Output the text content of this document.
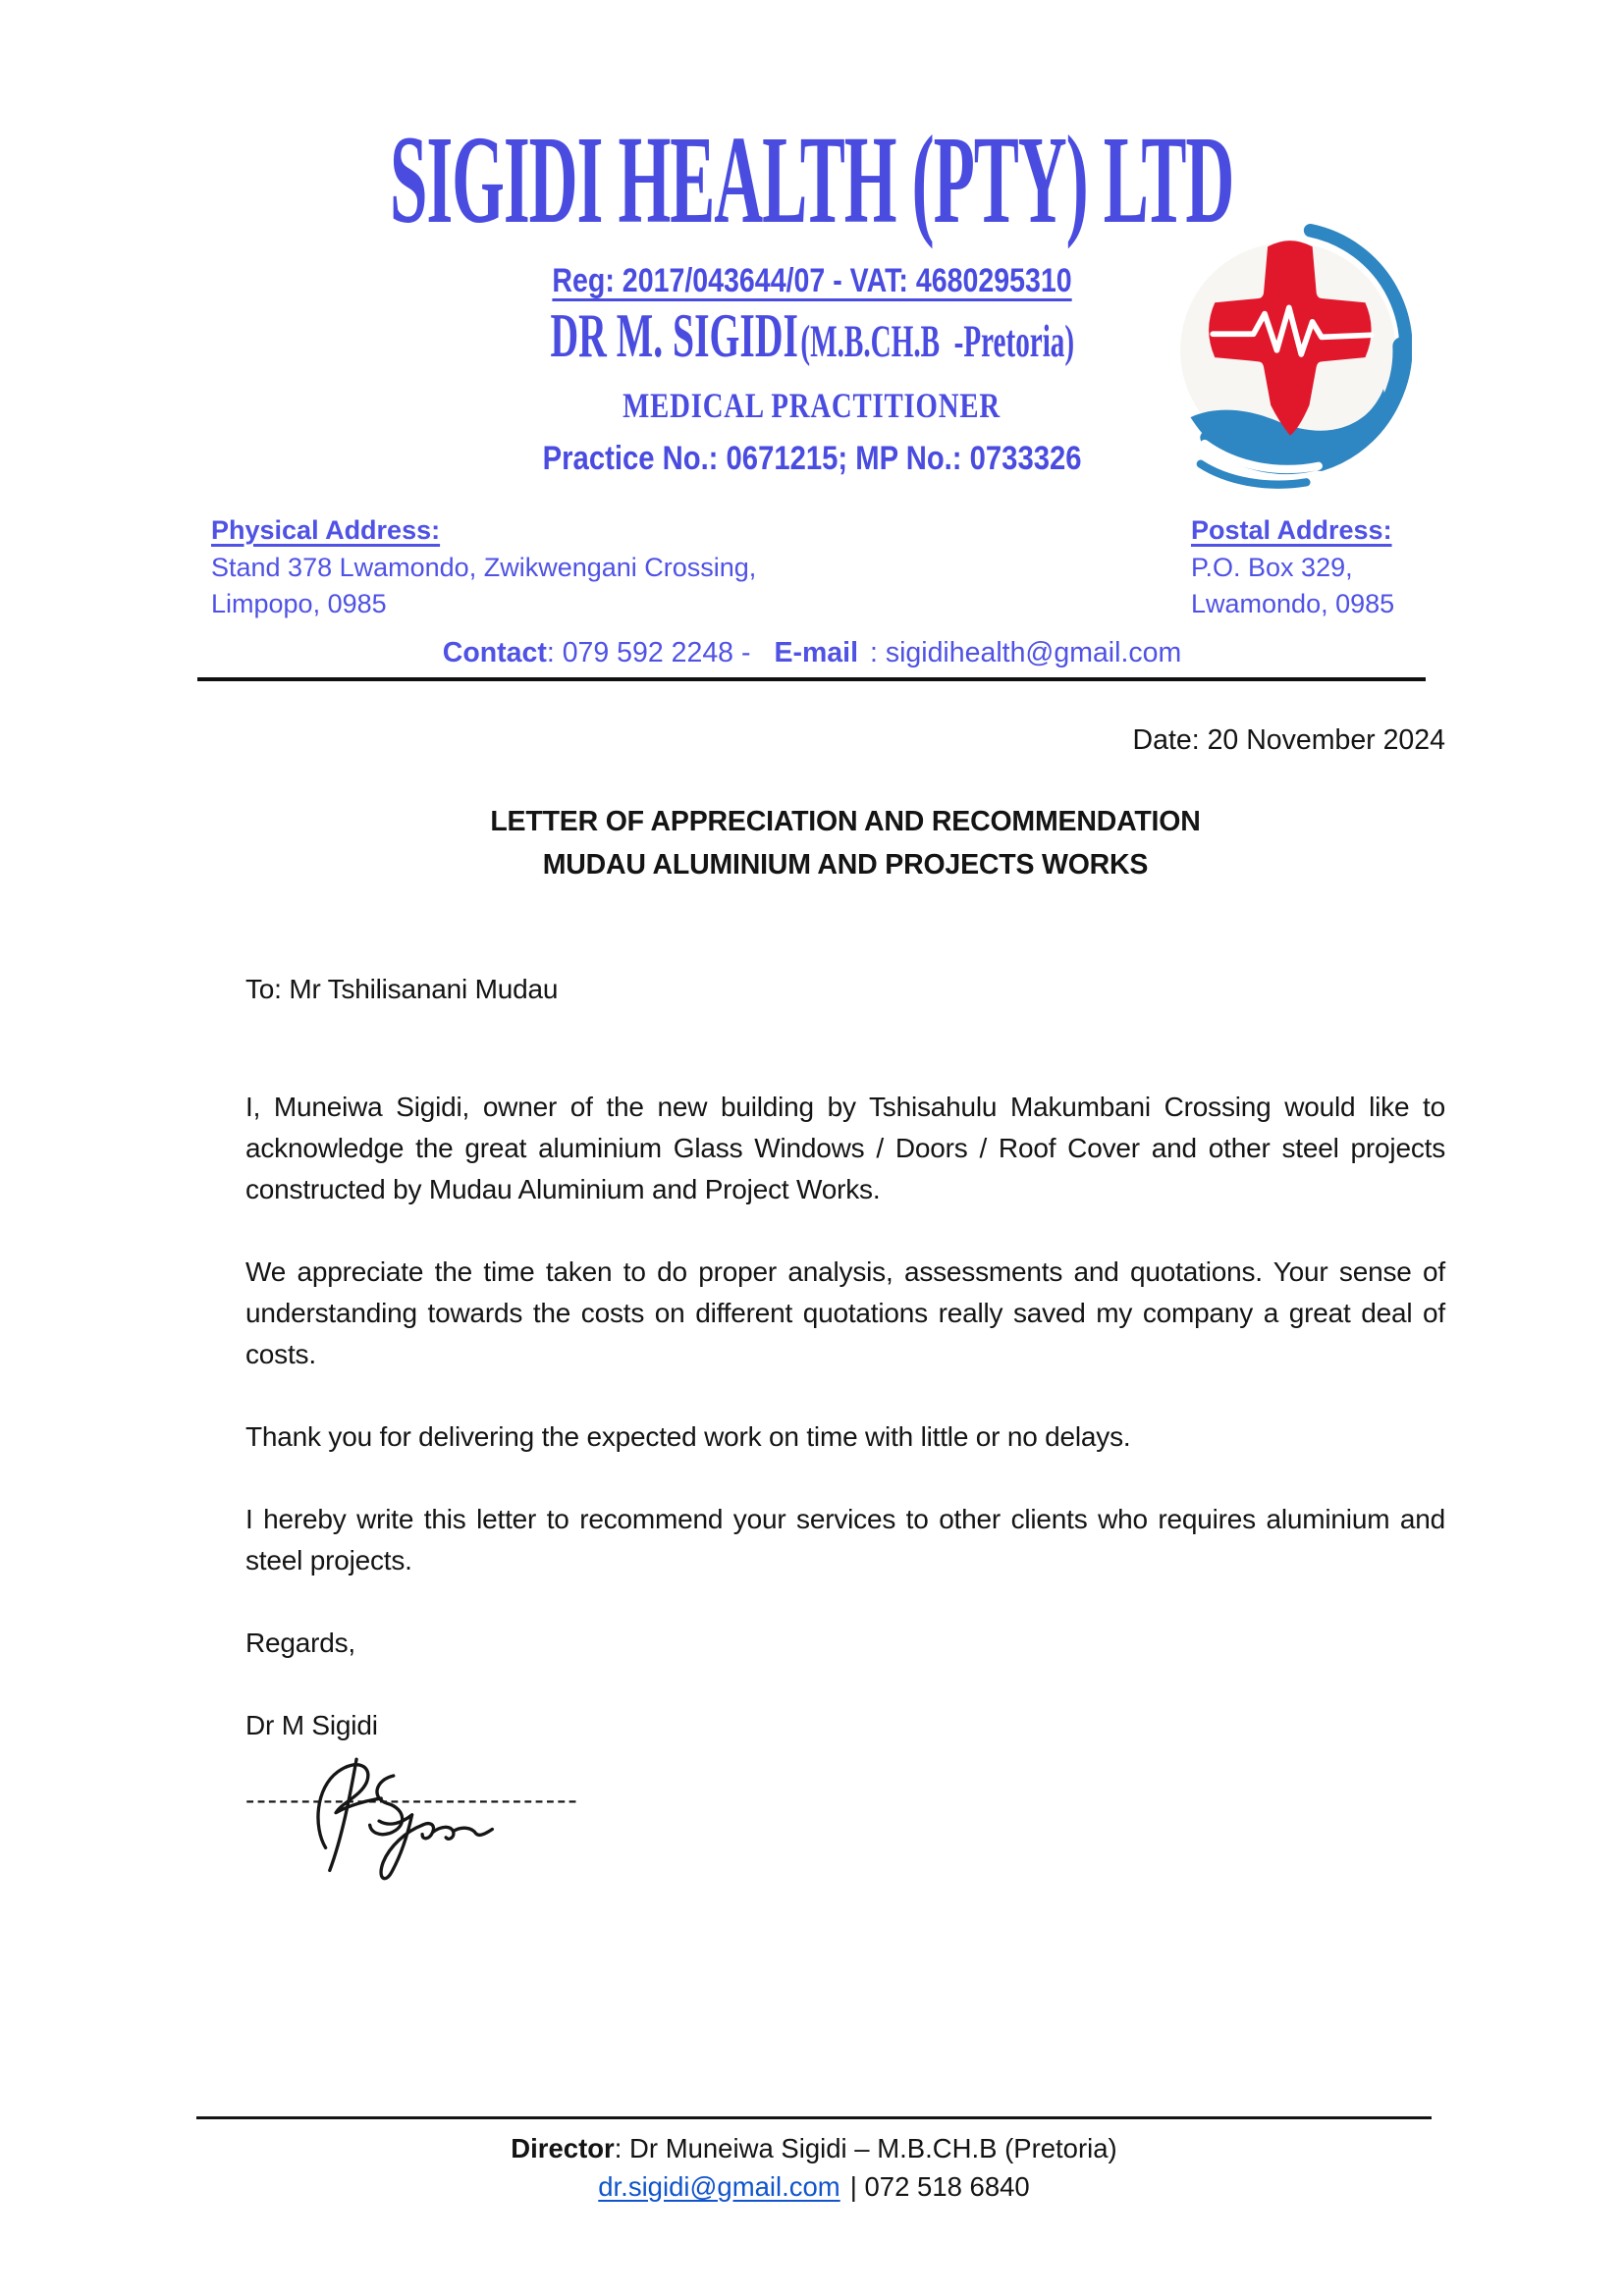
SIGIDI HEALTH (PTY) LTD
Reg: 2017/043644/07 - VAT: 4680295310
DR M. SIGIDI (M.B.CH.B  -Pretoria)
MEDICAL PRACTITIONER
Practice No.: 0671215; MP No.: 0733326
Physical Address:
Stand 378 Lwamondo, Zwikwengani Crossing,
Limpopo, 0985
Postal Address:
P.O. Box 329,
Lwamondo, 0985
Contact: 079 592 2248 - E-mail : sigidihealth@gmail.com
Date: 20 November 2024
LETTER OF APPRECIATION AND RECOMMENDATION
MUDAU ALUMINIUM AND PROJECTS WORKS

To: Mr Tshilisanani Mudau

I, Muneiwa Sigidi, owner of the new building by Tshisahulu Makumbani Crossing would like to acknowledge the great aluminium Glass Windows / Doors / Roof Cover and other steel projects constructed by Mudau Aluminium and Project Works.

We appreciate the time taken to do proper analysis, assessments and quotations. Your sense of understanding towards the costs on different quotations really saved my company a great deal of costs.

Thank you for delivering the expected work on time with little or no delays.

I hereby write this letter to recommend your services to other clients who requires aluminium and steel projects.

Regards,

Dr M Sigidi

------------------------------

Director: Dr Muneiwa Sigidi – M.B.CH.B (Pretoria)
dr.sigidi@gmail.com | 072 518 6840
